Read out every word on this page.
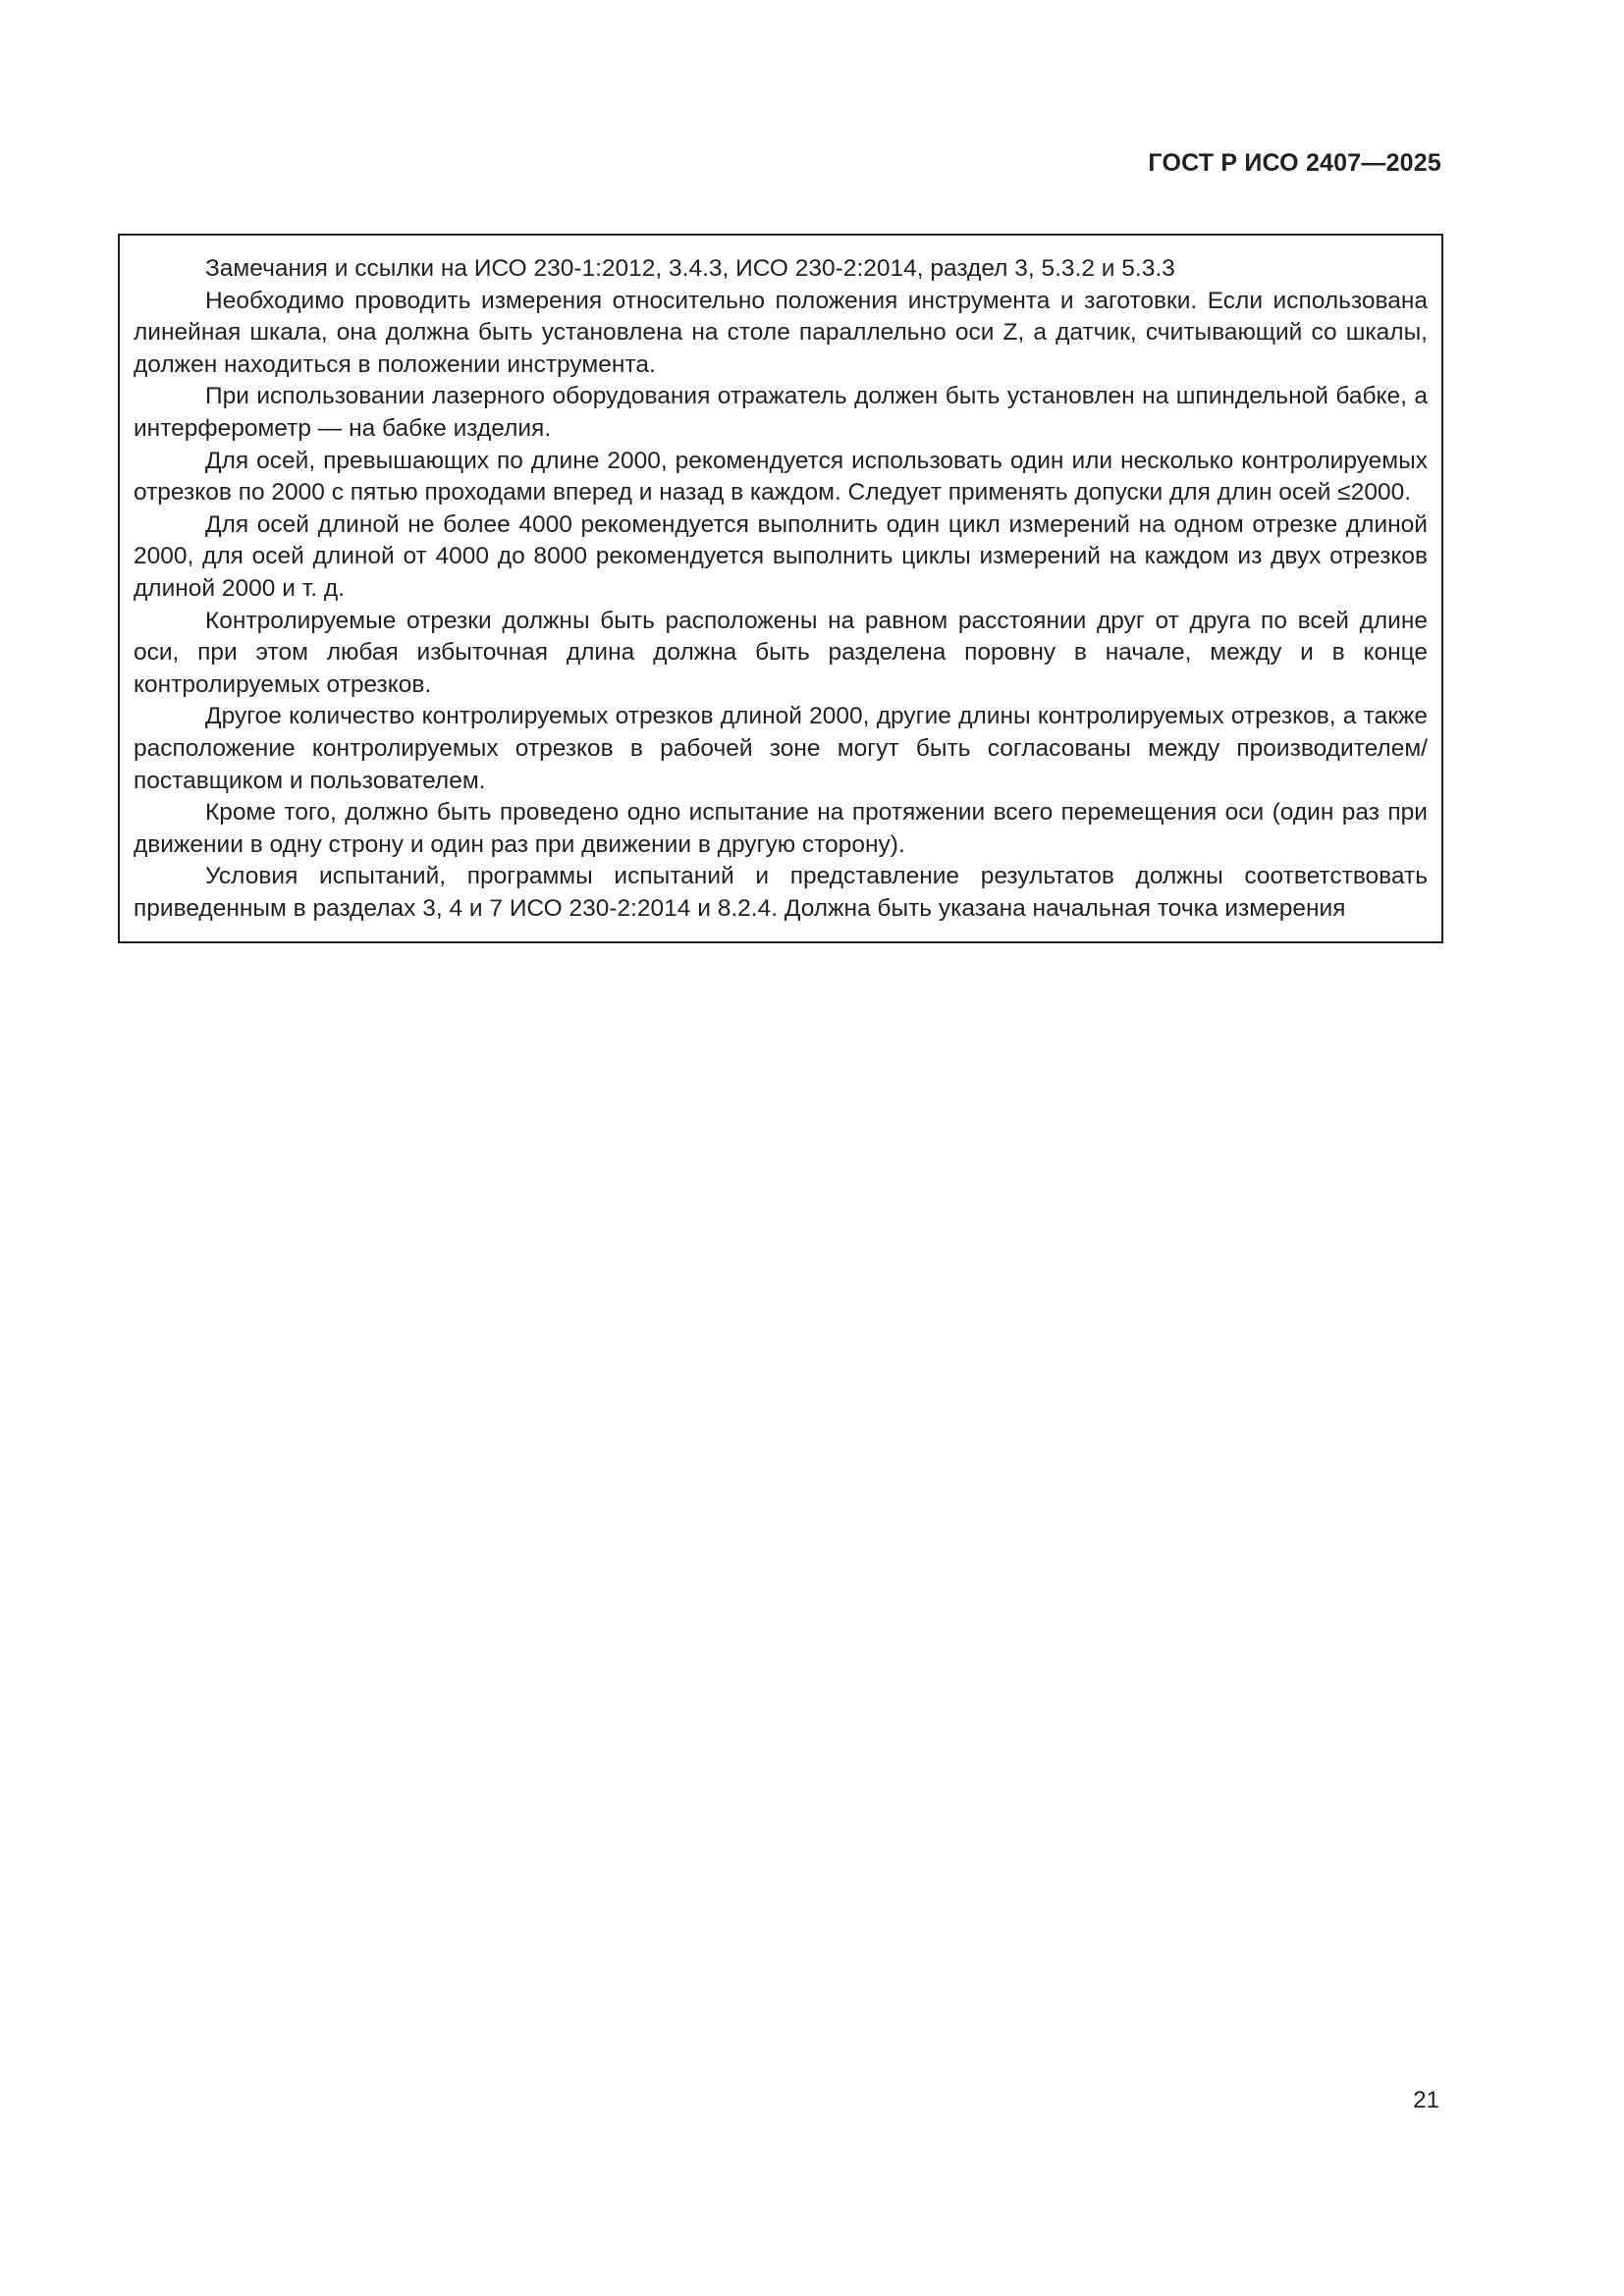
ГОСТ Р ИСО 2407—2025

Замечания и ссылки на ИСО 230-1:2012, 3.4.3, ИСО 230-2:2014, раздел 3, 5.3.2 и 5.3.3

Необходимо проводить измерения относительно положения инструмента и заготовки. Если использована линейная шкала, она должна быть установлена на столе параллельно оси Z, а датчик, считывающий со шкалы, должен находиться в положении инструмента.

При использовании лазерного оборудования отражатель должен быть установлен на шпиндельной бабке, а интерферометр — на бабке изделия.

Для осей, превышающих по длине 2000, рекомендуется использовать один или несколько контролируемых отрезков по 2000 с пятью проходами вперед и назад в каждом. Следует применять допуски для длин осей ≤2000.

Для осей длиной не более 4000 рекомендуется выполнить один цикл измерений на одном отрезке длиной 2000, для осей длиной от 4000 до 8000 рекомендуется выполнить циклы измерений на каждом из двух отрезков длиной 2000 и т. д.

Контролируемые отрезки должны быть расположены на равном расстоянии друг от друга по всей длине оси, при этом любая избыточная длина должна быть разделена поровну в начале, между и в конце контролируемых отрезков.

Другое количество контролируемых отрезков длиной 2000, другие длины контролируемых отрезков, а также расположение контролируемых отрезков в рабочей зоне могут быть согласованы между производителем/поставщиком и пользователем.

Кроме того, должно быть проведено одно испытание на протяжении всего перемещения оси (один раз при движении в одну строну и один раз при движении в другую сторону).

Условия испытаний, программы испытаний и представление результатов должны соответствовать приведенным в разделах 3, 4 и 7 ИСО 230-2:2014 и 8.2.4. Должна быть указана начальная точка измерения

21
